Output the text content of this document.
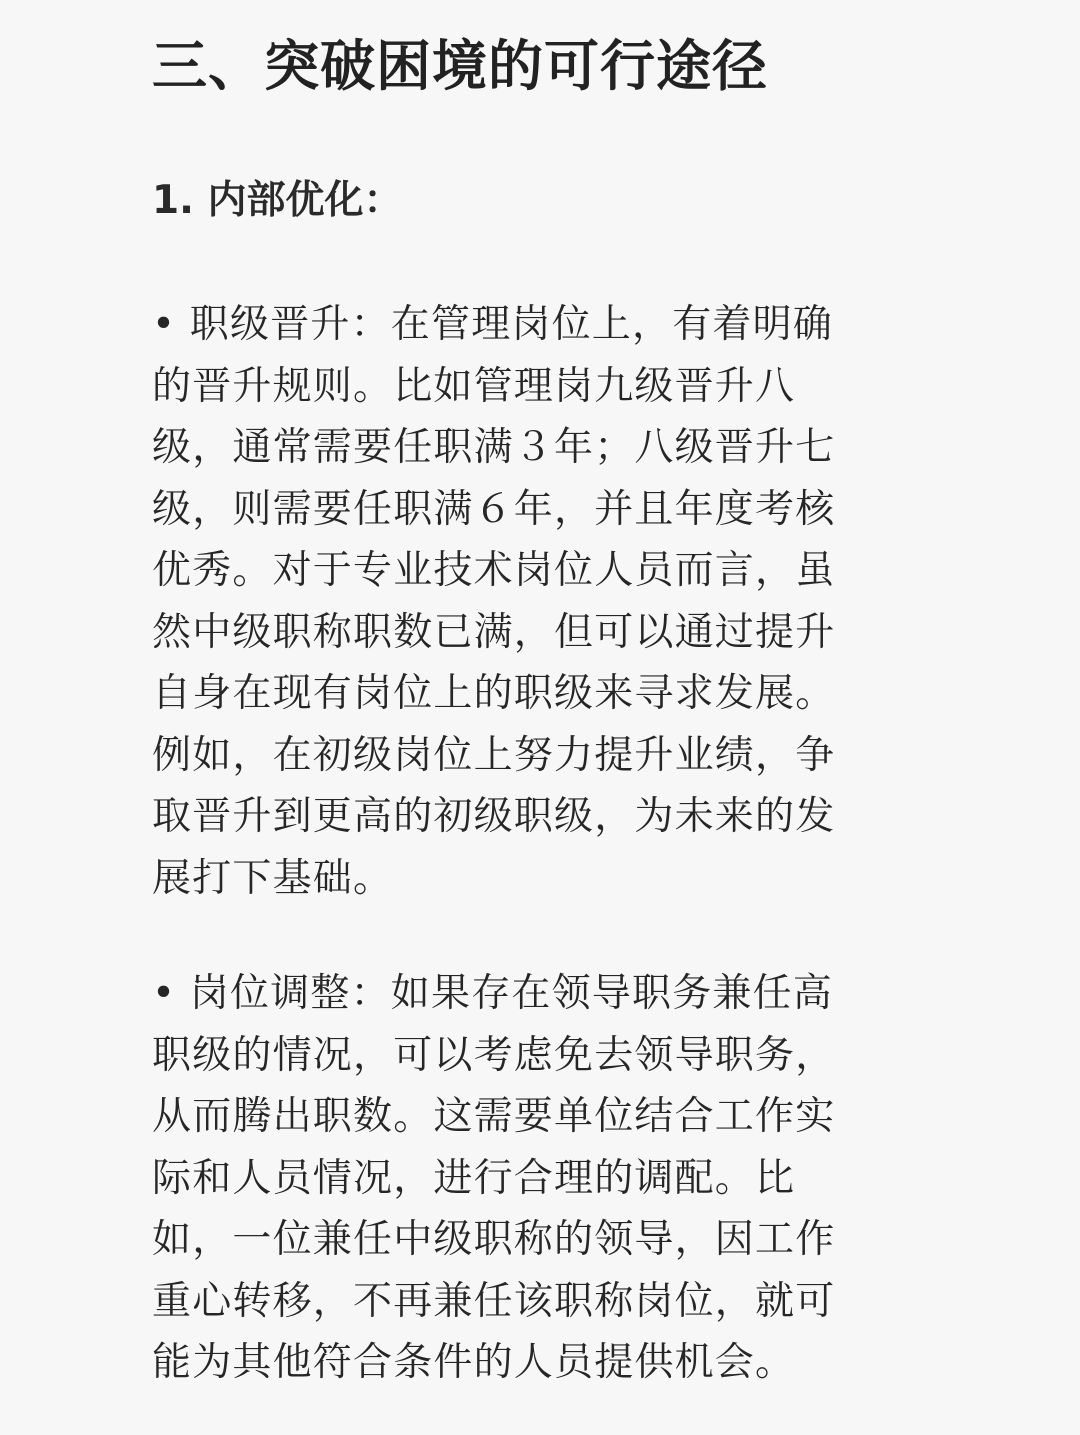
三、突破困境的可行途径
1. 内部优化：
• 职级晋升：在管理岗位上，有着明确
的晋升规则。比如管理岗九级晋升八
级，通常需要任职满３年；八级晋升七
级，则需要任职满６年，并且年度考核
优秀。对于专业技术岗位人员而言，虽
然中级职称职数已满，但可以通过提升
自身在现有岗位上的职级来寻求发展。
例如，在初级岗位上努力提升业绩，争
取晋升到更高的初级职级，为未来的发
展打下基础。
• 岗位调整：如果存在领导职务兼任高
职级的情况，可以考虑免去领导职务，
从而腾出职数。这需要单位结合工作实
际和人员情况，进行合理的调配。比
如，一位兼任中级职称的领导，因工作
重心转移，不再兼任该职称岗位，就可
能为其他符合条件的人员提供机会。
